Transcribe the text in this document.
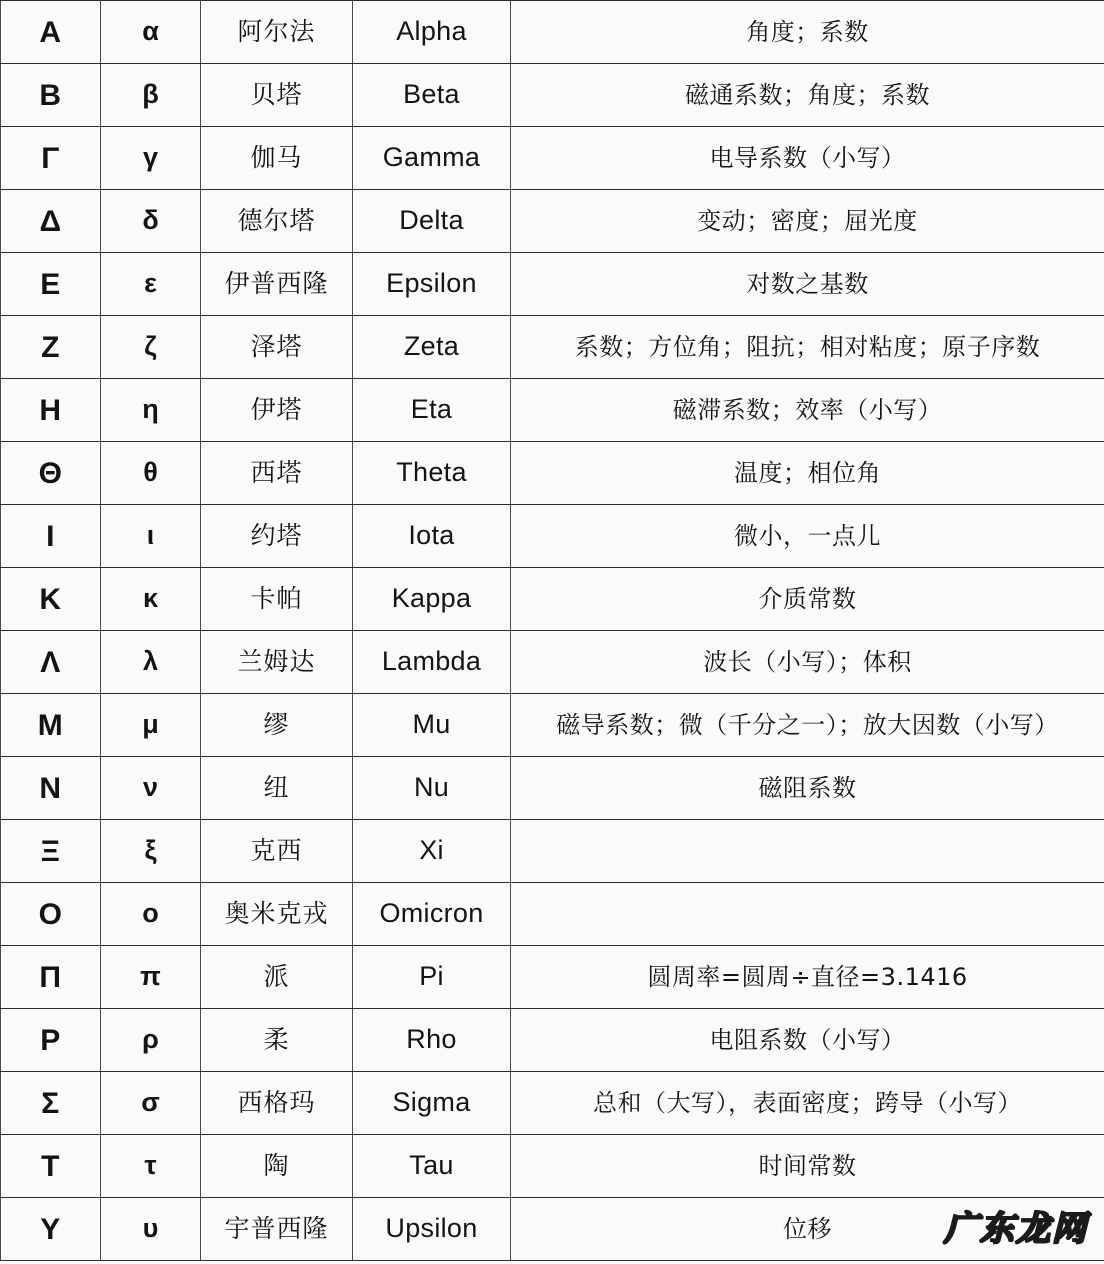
Α	α	阿尔法	Alpha	角度；系数
Β	β	贝塔	Beta	磁通系数；角度；系数
Γ	γ	伽马	Gamma	电导系数（小写）
Δ	δ	德尔塔	Delta	变动；密度；屈光度
Ε	ε	伊普西隆	Epsilon	对数之基数
Ζ	ζ	泽塔	Zeta	系数；方位角；阻抗；相对粘度；原子序数
Η	η	伊塔	Eta	磁滞系数；效率（小写）
Θ	θ	西塔	Theta	温度；相位角
Ι	ι	约塔	Iota	微小，一点儿
Κ	κ	卡帕	Kappa	介质常数
Λ	λ	兰姆达	Lambda	波长（小写）；体积
Μ	μ	缪	Mu	磁导系数；微（千分之一）；放大因数（小写）
Ν	ν	纽	Nu	磁阻系数
Ξ	ξ	克西	Xi	
Ο	ο	奥米克戎	Omicron	
Π	π	派	Pi	圆周率=圆周÷直径=3.1416
Ρ	ρ	柔	Rho	电阻系数（小写）
Σ	σ	西格玛	Sigma	总和（大写），表面密度；跨导（小写）
Τ	τ	陶	Tau	时间常数
Υ	υ	宇普西隆	Upsilon	位移	广东龙网
